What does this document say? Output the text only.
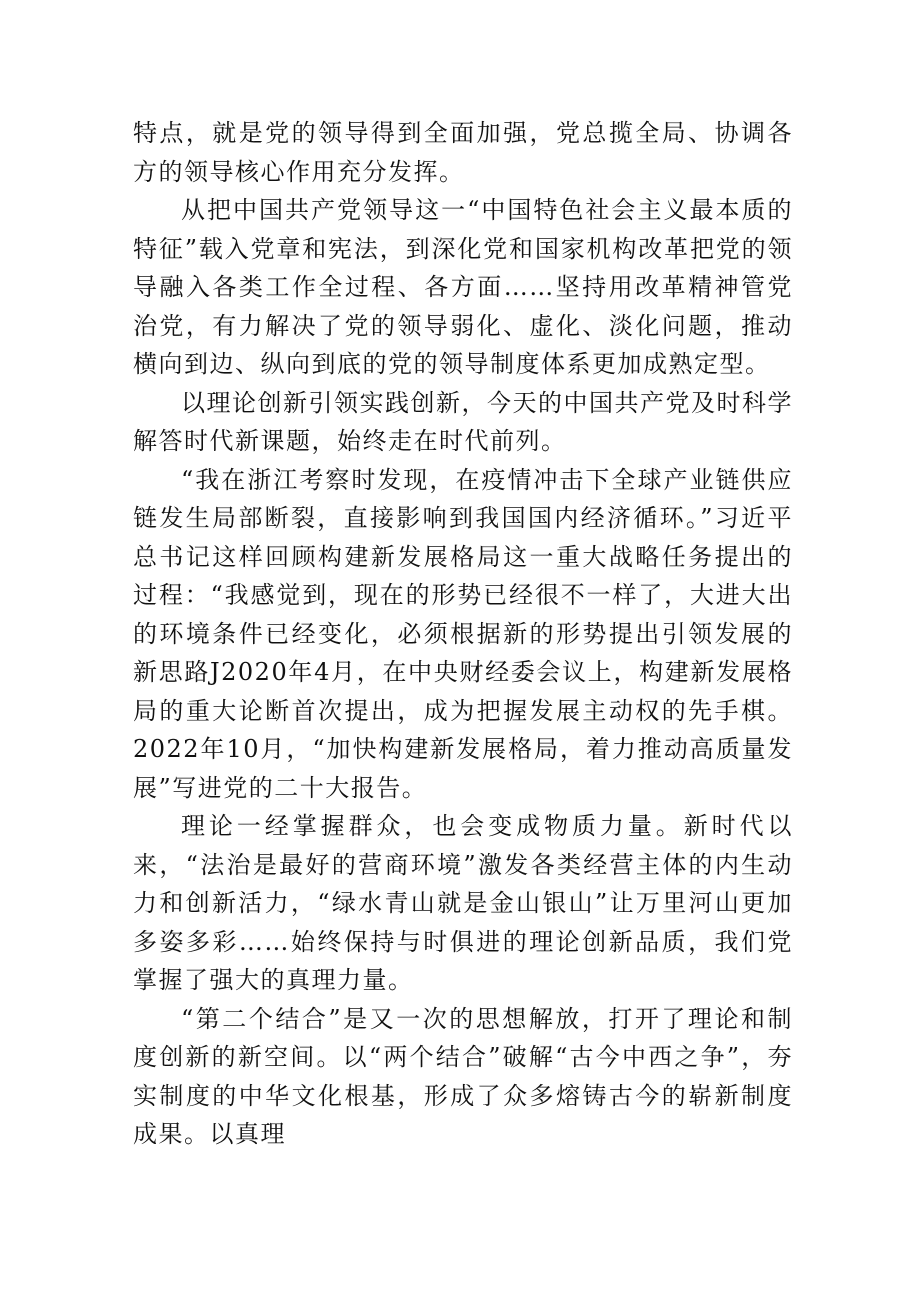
特点，就是党的领导得到全面加强，党总揽全局、协调各方的领导核心作用充分发挥。

从把中国共产党领导这一“中国特色社会主义最本质的特征”载入党章和宪法，到深化党和国家机构改革把党的领导融入各类工作全过程、各方面……坚持用改革精神管党治党，有力解决了党的领导弱化、虚化、淡化问题，推动横向到边、纵向到底的党的领导制度体系更加成熟定型。

以理论创新引领实践创新，今天的中国共产党及时科学解答时代新课题，始终走在时代前列。

“我在浙江考察时发现，在疫情冲击下全球产业链供应链发生局部断裂，直接影响到我国国内经济循环。”习近平总书记这样回顾构建新发展格局这一重大战略任务提出的过程：“我感觉到，现在的形势已经很不一样了，大进大出的环境条件已经变化，必须根据新的形势提出引领发展的新思路J2020年4月，在中央财经委会议上，构建新发展格局的重大论断首次提出，成为把握发展主动权的先手棋。2022年10月，“加快构建新发展格局，着力推动高质量发展”写进党的二十大报告。

理论一经掌握群众，也会变成物质力量。新时代以来，“法治是最好的营商环境”激发各类经营主体的内生动力和创新活力，“绿水青山就是金山银山”让万里河山更加多姿多彩……始终保持与时俱进的理论创新品质，我们党掌握了强大的真理力量。

“第二个结合”是又一次的思想解放，打开了理论和制度创新的新空间。以“两个结合”破解“古今中西之争”，夯实制度的中华文化根基，形成了众多熔铸古今的崭新制度成果。以真理
